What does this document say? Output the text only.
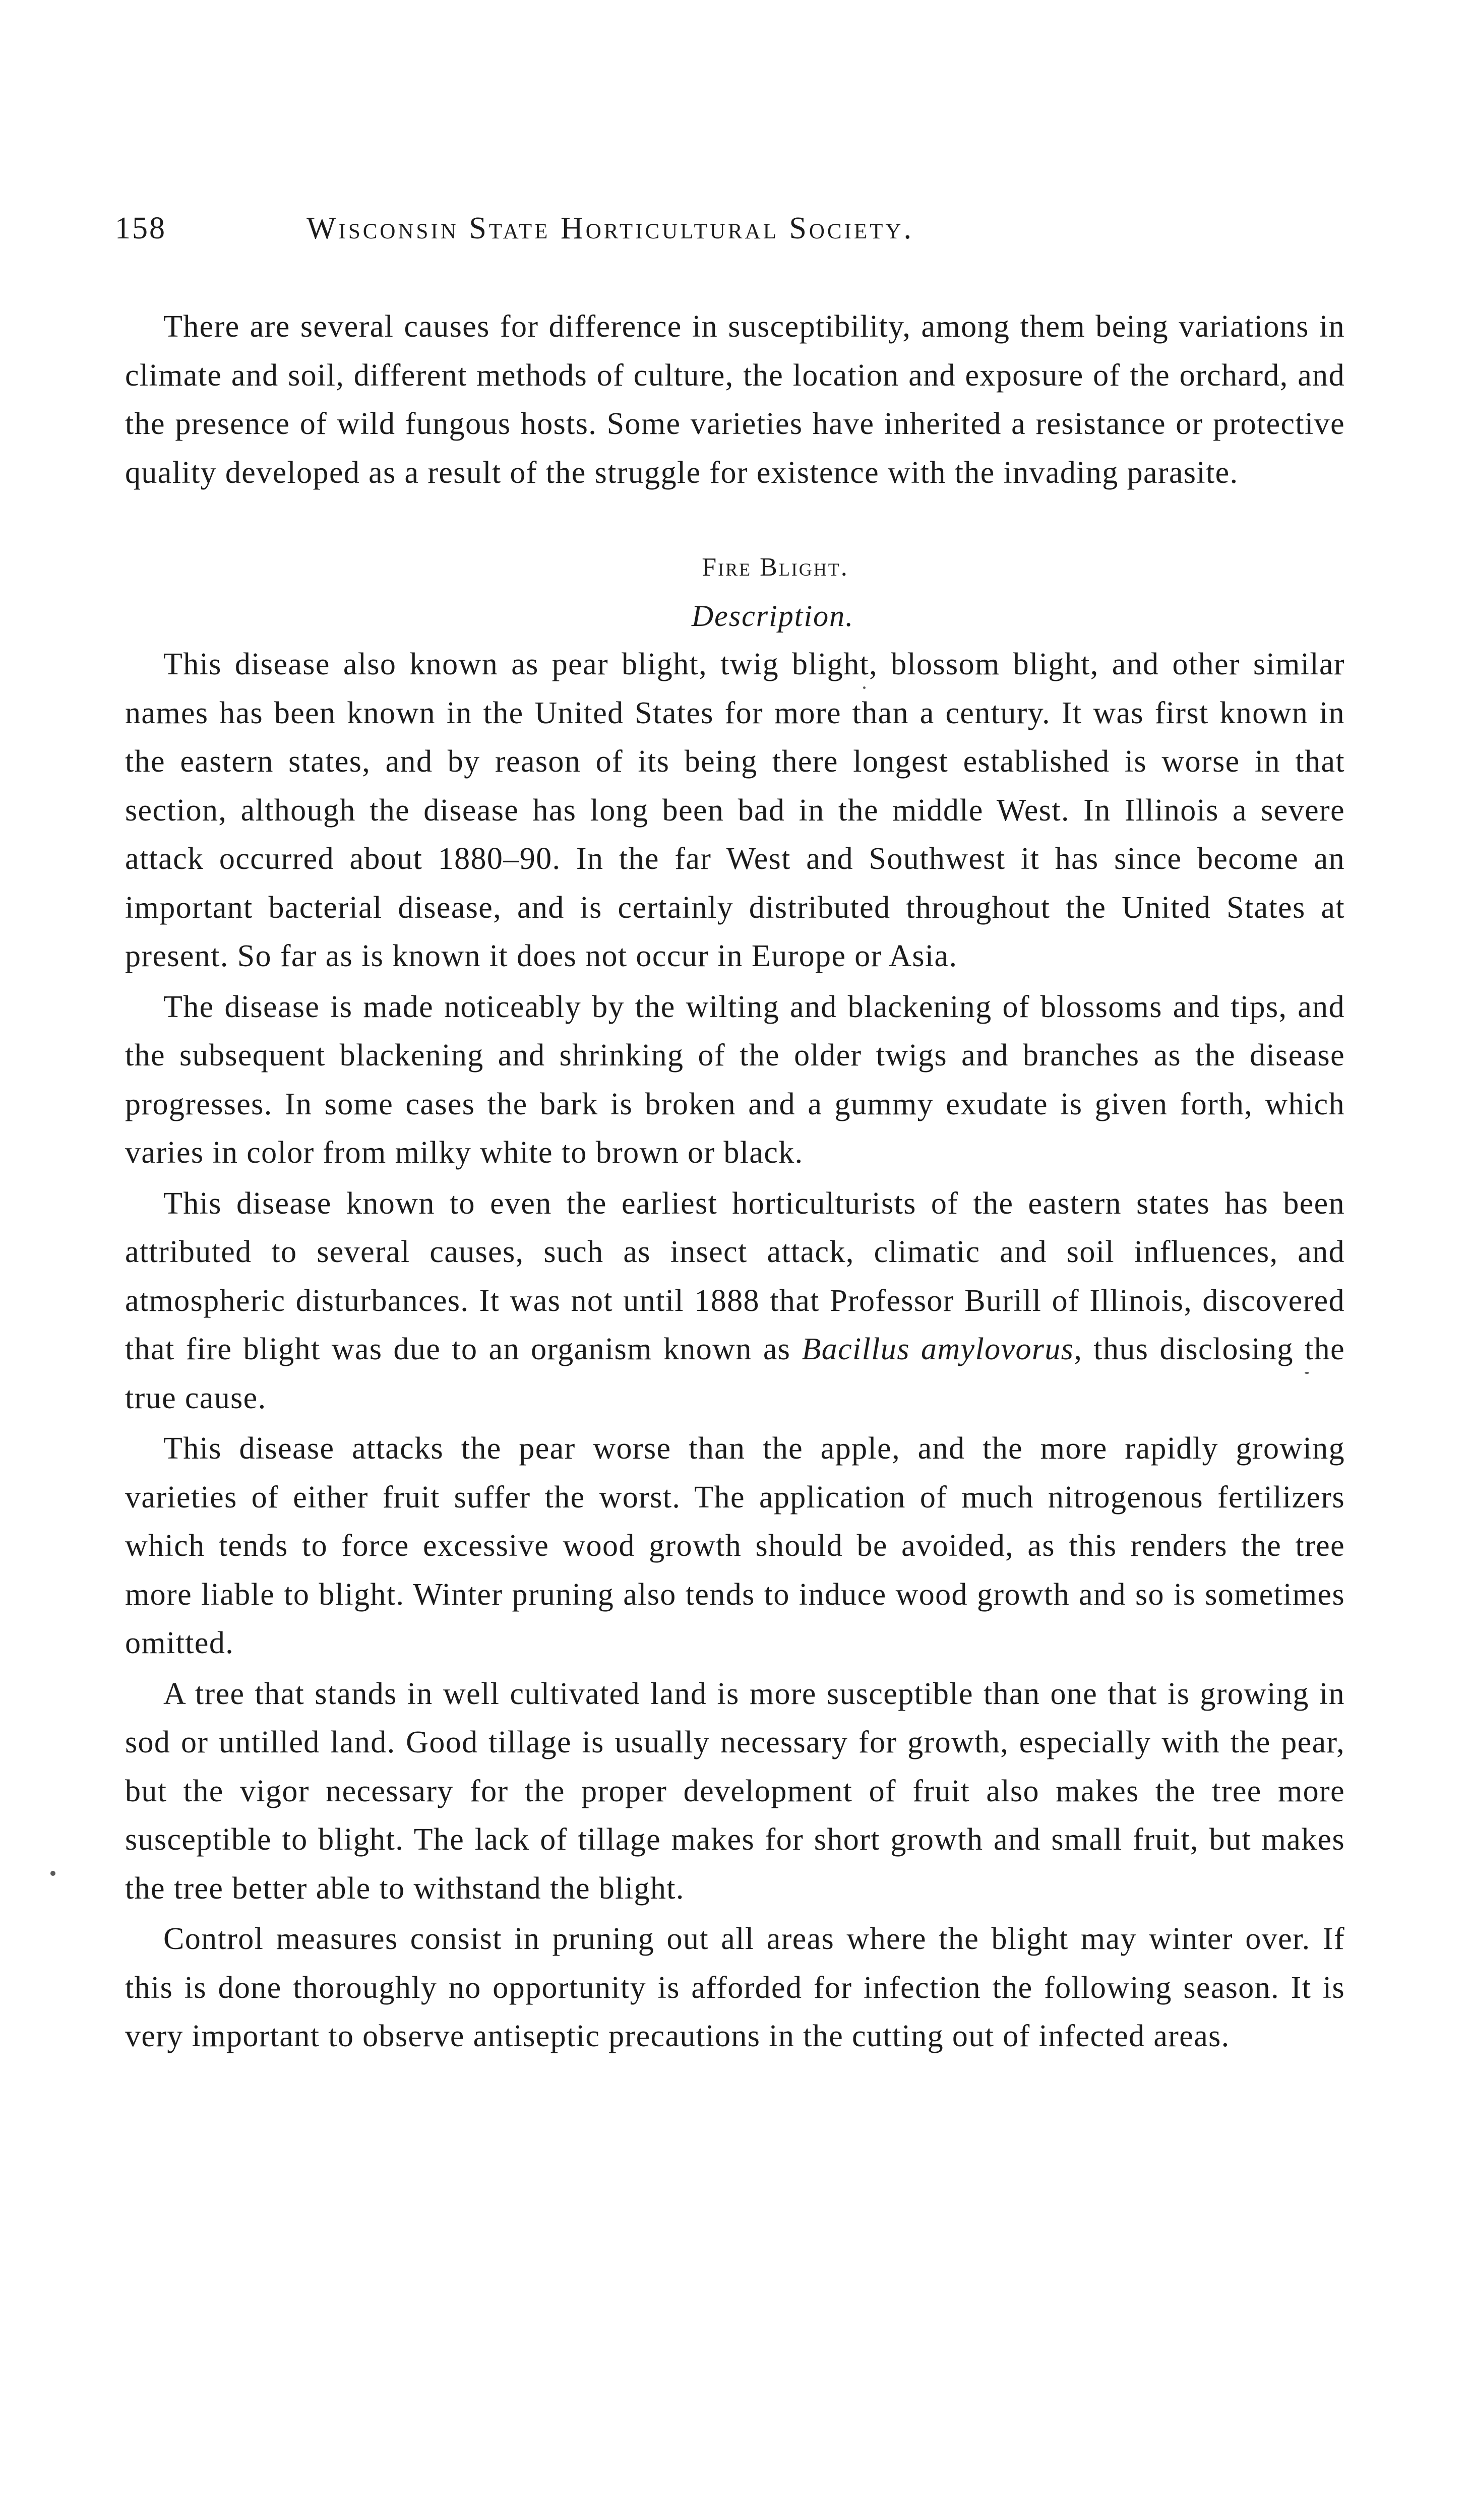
158	Wisconsin State Horticultural Society.

There are several causes for difference in susceptibility, among them being variations in climate and soil, different methods of culture, the location and exposure of the orchard, and the presence of wild fungous hosts. Some varieties have inherited a resistance or protective quality developed as a result of the struggle for existence with the invading parasite.

Fire Blight.
Description.

This disease also known as pear blight, twig blight, blossom blight, and other similar names has been known in the United States for more than a century. It was first known in the eastern states, and by reason of its being there longest established is worse in that section, although the disease has long been bad in the middle West. In Illinois a severe attack occurred about 1880–90. In the far West and Southwest it has since become an important bacterial disease, and is certainly distributed throughout the United States at present. So far as is known it does not occur in Europe or Asia.

The disease is made noticeably by the wilting and blackening of blossoms and tips, and the subsequent blackening and shrinking of the older twigs and branches as the disease progresses. In some cases the bark is broken and a gummy exudate is given forth, which varies in color from milky white to brown or black.

This disease known to even the earliest horticulturists of the eastern states has been attributed to several causes, such as insect attack, climatic and soil influences, and atmospheric disturbances. It was not until 1888 that Professor Burill of Illinois, discovered that fire blight was due to an organism known as Bacillus amylovorus, thus disclosing the true cause.

This disease attacks the pear worse than the apple, and the more rapidly growing varieties of either fruit suffer the worst. The application of much nitrogenous fertilizers which tends to force excessive wood growth should be avoided, as this renders the tree more liable to blight. Winter pruning also tends to induce wood growth and so is sometimes omitted.

A tree that stands in well cultivated land is more susceptible than one that is growing in sod or untilled land. Good tillage is usually necessary for growth, especially with the pear, but the vigor necessary for the proper development of fruit also makes the tree more susceptible to blight. The lack of tillage makes for short growth and small fruit, but makes the tree better able to withstand the blight.

Control measures consist in pruning out all areas where the blight may winter over. If this is done thoroughly no opportunity is afforded for infection the following season. It is very important to observe antiseptic precautions in the cutting out of infected areas.
